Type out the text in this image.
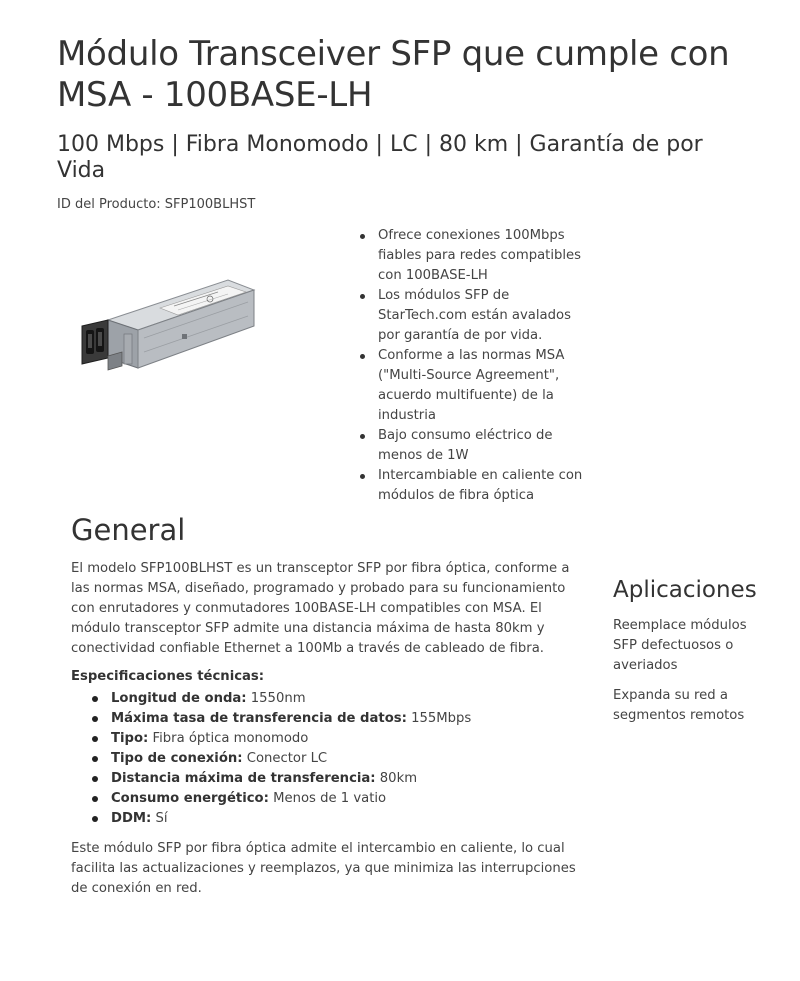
Módulo Transceiver SFP que cumple con MSA - 100BASE-LH
100 Mbps | Fibra Monomodo | LC | 80 km | Garantía de por Vida
ID del Producto: SFP100BLHST
Ofrece conexiones 100Mbps fiables para redes compatibles con 100BASE-LH
Los módulos SFP de StarTech.com están avalados por garantía de por vida.
Conforme a las normas MSA ("Multi-Source Agreement", acuerdo multifuente) de la industria
Bajo consumo eléctrico de menos de 1W
Intercambiable en caliente con módulos de fibra óptica
General

El modelo SFP100BLHST es un transceptor SFP por fibra óptica, conforme a las normas MSA, diseñado, programado y probado para su funcionamiento con enrutadores y conmutadores 100BASE-LH compatibles con MSA. El módulo transceptor SFP admite una distancia máxima de hasta 80km y conectividad confiable Ethernet a 100Mb a través de cableado de fibra.

Especificaciones técnicas:
Longitud de onda: 1550nm
Máxima tasa de transferencia de datos: 155Mbps
Tipo: Fibra óptica monomodo
Tipo de conexión: Conector LC
Distancia máxima de transferencia: 80km
Consumo energético: Menos de 1 vatio
DDM: Sí

Este módulo SFP por fibra óptica admite el intercambio en caliente, lo cual facilita las actualizaciones y reemplazos, ya que minimiza las interrupciones de conexión en red.

Aplicaciones

Reemplace módulos SFP defectuosos o averiados

Expanda su red a segmentos remotos
